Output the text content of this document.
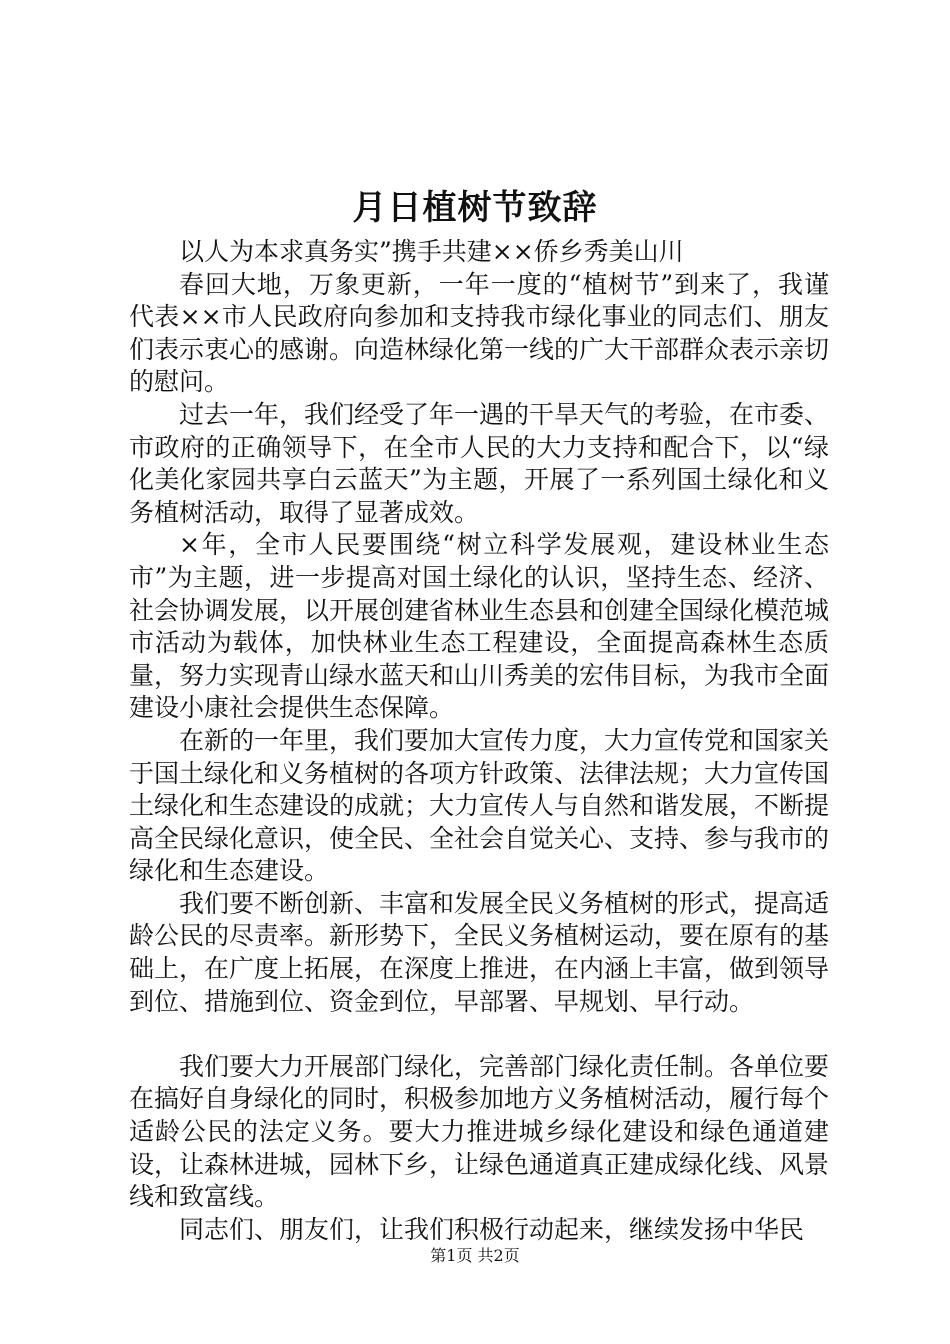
月日植树节致辞

以人为本求真务实”携手共建××侨乡秀美山川

春回大地，万象更新，一年一度的“植树节”到来了，我谨代表××市人民政府向参加和支持我市绿化事业的同志们、朋友们表示衷心的感谢。向造林绿化第一线的广大干部群众表示亲切的慰问。

过去一年，我们经受了年一遇的干旱天气的考验，在市委、市政府的正确领导下，在全市人民的大力支持和配合下，以“绿化美化家园共享白云蓝天”为主题，开展了一系列国土绿化和义务植树活动，取得了显著成效。

×年，全市人民要围绕“树立科学发展观，建设林业生态市”为主题，进一步提高对国土绿化的认识，坚持生态、经济、社会协调发展，以开展创建省林业生态县和创建全国绿化模范城市活动为载体，加快林业生态工程建设，全面提高森林生态质量，努力实现青山绿水蓝天和山川秀美的宏伟目标，为我市全面建设小康社会提供生态保障。

在新的一年里，我们要加大宣传力度，大力宣传党和国家关于国土绿化和义务植树的各项方针政策、法律法规；大力宣传国土绿化和生态建设的成就；大力宣传人与自然和谐发展，不断提高全民绿化意识，使全民、全社会自觉关心、支持、参与我市的绿化和生态建设。

我们要不断创新、丰富和发展全民义务植树的形式，提高适龄公民的尽责率。新形势下，全民义务植树运动，要在原有的基础上，在广度上拓展，在深度上推进，在内涵上丰富，做到领导到位、措施到位、资金到位，早部署、早规划、早行动。

我们要大力开展部门绿化，完善部门绿化责任制。各单位要在搞好自身绿化的同时，积极参加地方义务植树活动，履行每个适龄公民的法定义务。要大力推进城乡绿化建设和绿色通道建设，让森林进城，园林下乡，让绿色通道真正建成绿化线、风景线和致富线。

同志们、朋友们，让我们积极行动起来，继续发扬中华民

第1页 共2页
